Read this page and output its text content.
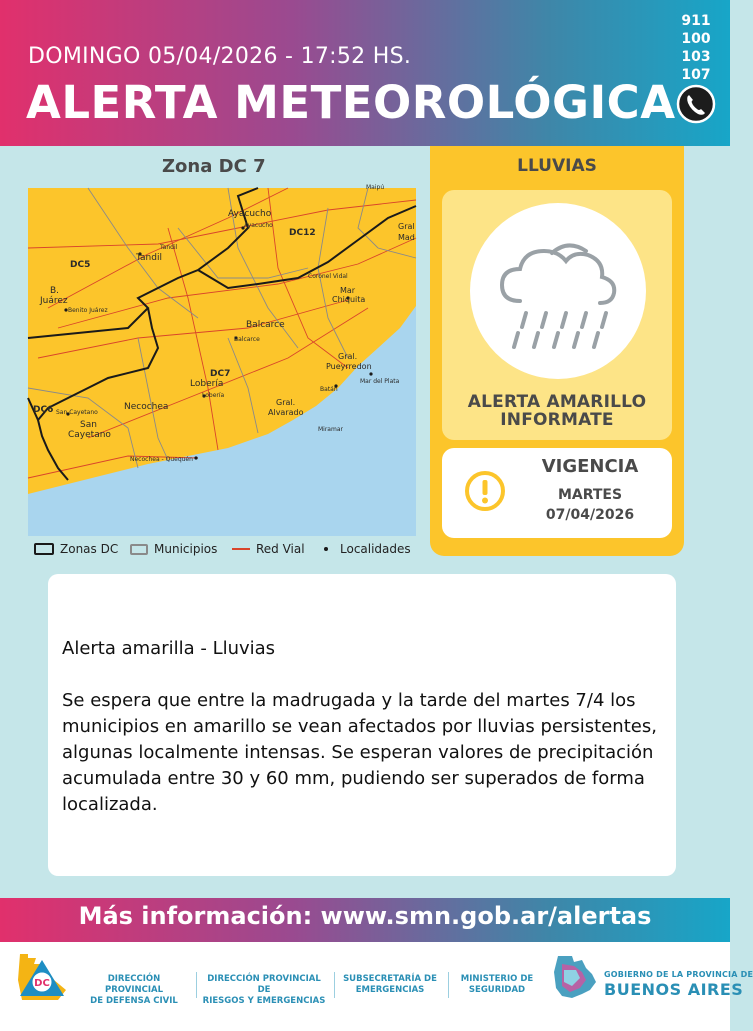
DOMINGO 05/04/2026 - 17:52 HS.
ALERTA METEOROLÓGICA
911
100
103
107
Zona DC 7
DC5
DC6
DC7
DC12
Ayacucho
Ayacucho
Tandil
Tandil
B.
Juárez
Benito Juárez
Coronel Vidal
Mar
Chiquita
Balcarce
Balcarce
Gral.
Pueyrredon
Mar del Plata
Lobería
Lobería
Gral.
Alvarado
Batán
Miramar
Necochea
Necochea - Quequén
San Cayetano
San
Cayetano
Gral
Mad
Maipú
Zonas DC	Municipios	Red Vial	Localidades
LLUVIAS
ALERTA AMARILLO
INFORMATE
VIGENCIA
MARTES
07/04/2026
Alerta amarilla - Lluvias
Se espera que entre la madrugada y la tarde del martes 7/4 los municipios en amarillo se vean afectados por lluvias persistentes, algunas localmente intensas. Se esperan valores de precipitación acumulada entre 30 y 60 mm, pudiendo ser superados de forma localizada.
Más información: www.smn.gob.ar/alertas
DC	DIRECCIÓN PROVINCIAL
DE DEFENSA CIVIL
DIRECCIÓN PROVINCIAL DE
RIESGOS Y EMERGENCIAS
SUBSECRETARÍA DE
EMERGENCIAS
MINISTERIO DE
SEGURIDAD
GOBIERNO DE LA PROVINCIA DE
BUENOS AIRES
